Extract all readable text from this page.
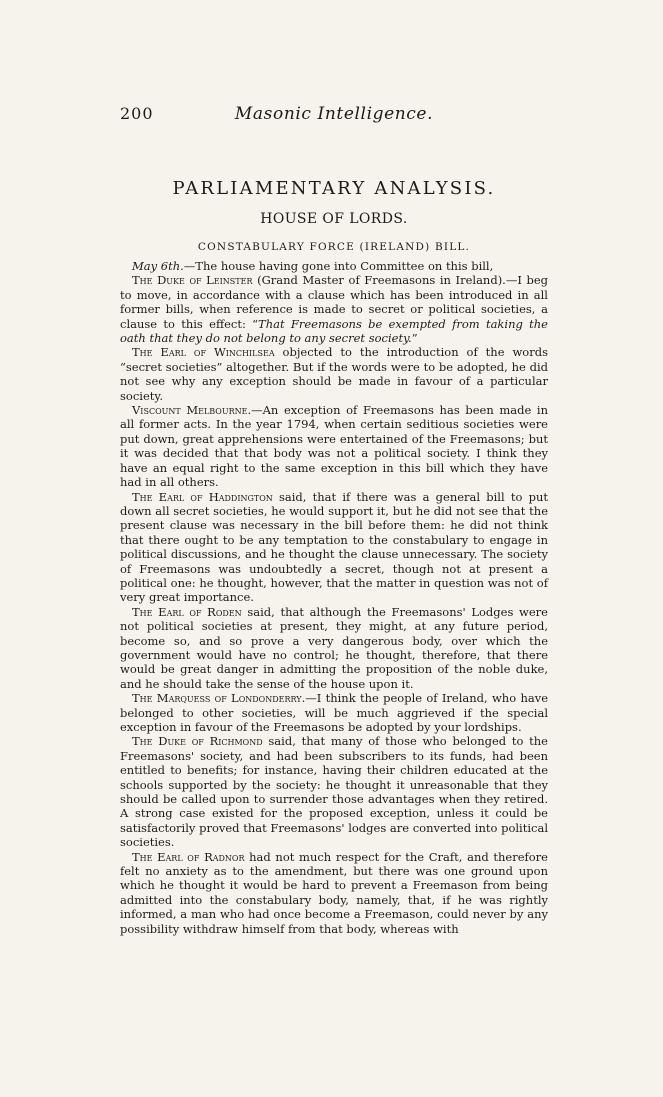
200	Masonic Intelligence.
PARLIAMENTARY ANALYSIS.
HOUSE OF LORDS.
CONSTABULARY FORCE (IRELAND) BILL.

May 6th.—The house having gone into Committee on this bill,

The Duke of Leinster (Grand Master of Freemasons in Ireland).—I beg to move, in accordance with a clause which has been introduced in all former bills, when reference is made to secret or political societies, a clause to this effect: “That Freemasons be exempted from taking the oath that they do not belong to any secret society.”

The Earl of Winchilsea objected to the introduction of the words “secret societies” altogether. But if the words were to be adopted, he did not see why any exception should be made in favour of a particular society.

Viscount Melbourne.—An exception of Freemasons has been made in all former acts. In the year 1794, when certain seditious societies were put down, great apprehensions were entertained of the Freemasons; but it was decided that that body was not a political society. I think they have an equal right to the same exception in this bill which they have had in all others.

The Earl of Haddington said, that if there was a general bill to put down all secret societies, he would support it, but he did not see that the present clause was necessary in the bill before them: he did not think that there ought to be any temptation to the constabulary to engage in political discussions, and he thought the clause unnecessary. The society of Freemasons was undoubtedly a secret, though not at present a political one: he thought, however, that the matter in question was not of very great importance.

The Earl of Roden said, that although the Freemasons' Lodges were not political societies at present, they might, at any future period, become so, and so prove a very dangerous body, over which the government would have no control; he thought, therefore, that there would be great danger in admitting the proposition of the noble duke, and he should take the sense of the house upon it.

The Marquess of Londonderry.—I think the people of Ireland, who have belonged to other societies, will be much aggrieved if the special exception in favour of the Freemasons be adopted by your lordships.

The Duke of Richmond said, that many of those who belonged to the Freemasons' society, and had been subscribers to its funds, had been entitled to benefits; for instance, having their children educated at the schools supported by the society: he thought it unreasonable that they should be called upon to surrender those advantages when they retired. A strong case existed for the proposed exception, unless it could be satisfactorily proved that Freemasons' lodges are converted into political societies.

The Earl of Radnor had not much respect for the Craft, and therefore felt no anxiety as to the amendment, but there was one ground upon which he thought it would be hard to prevent a Freemason from being admitted into the constabulary body, namely, that, if he was rightly informed, a man who had once become a Freemason, could never by any possibility withdraw himself from that body, whereas with
